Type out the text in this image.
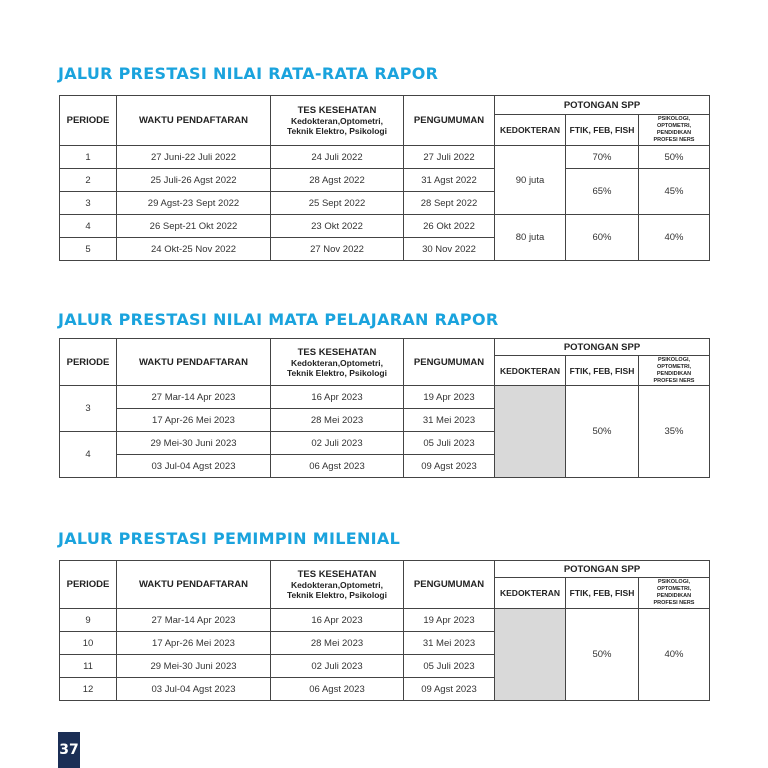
JALUR PRESTASI NILAI RATA-RATA RAPOR
PERIODE	WAKTU PENDAFTARAN	TES KESEHATAN
Kedokteran,Optometri,
Teknik Elektro, Psikologi	PENGUMUMAN	POTONGAN SPP		
				KEDOKTERAN	FTIK, FEB, FISH	PSIKOLOGI, OPTOMETRI,
PENDIDIKAN
PROFESI NERS

1	27 Juni-22 Juli 2022	24 Juli 2022	27 Juli 2022	90 juta	70%	50%
2	25 Juli-26 Agst 2022	28 Agst 2022	31 Agst 2022		65%	45%
3	29 Agst-23 Sept 2022	25 Sept 2022	28 Sept 2022			
4	26 Sept-21 Okt 2022	23 Okt 2022	26 Okt 2022	80 juta	60%	40%
5	24 Okt-25 Nov 2022	27 Nov 2022	30 Nov 2022			
JALUR PRESTASI NILAI MATA PELAJARAN RAPOR
PERIODE	WAKTU PENDAFTARAN	TES KESEHATAN
Kedokteran,Optometri,
Teknik Elektro, Psikologi	PENGUMUMAN	POTONGAN SPP		
				KEDOKTERAN	FTIK, FEB, FISH	PSIKOLOGI, OPTOMETRI,
PENDIDIKAN
PROFESI NERS

3	27 Mar-14 Apr 2023	16 Apr 2023	19 Apr 2023		50%	35%
	17 Apr-26 Mei 2023	28 Mei 2023	31 Mei 2023			
4	29 Mei-30 Juni 2023	02 Juli 2023	05 Juli 2023			
	03 Jul-04 Agst 2023	06 Agst 2023	09 Agst 2023			
JALUR PRESTASI PEMIMPIN MILENIAL
PERIODE	WAKTU PENDAFTARAN	TES KESEHATAN
Kedokteran,Optometri,
Teknik Elektro, Psikologi	PENGUMUMAN	POTONGAN SPP		
				KEDOKTERAN	FTIK, FEB, FISH	PSIKOLOGI, OPTOMETRI,
PENDIDIKAN
PROFESI NERS

9	27 Mar-14 Apr 2023	16 Apr 2023	19 Apr 2023		50%	40%
10	17 Apr-26 Mei 2023	28 Mei 2023	31 Mei 2023			
11	29 Mei-30 Juni 2023	02 Juli 2023	05 Juli 2023			
12	03 Jul-04 Agst 2023	06 Agst 2023	09 Agst 2023			
37
